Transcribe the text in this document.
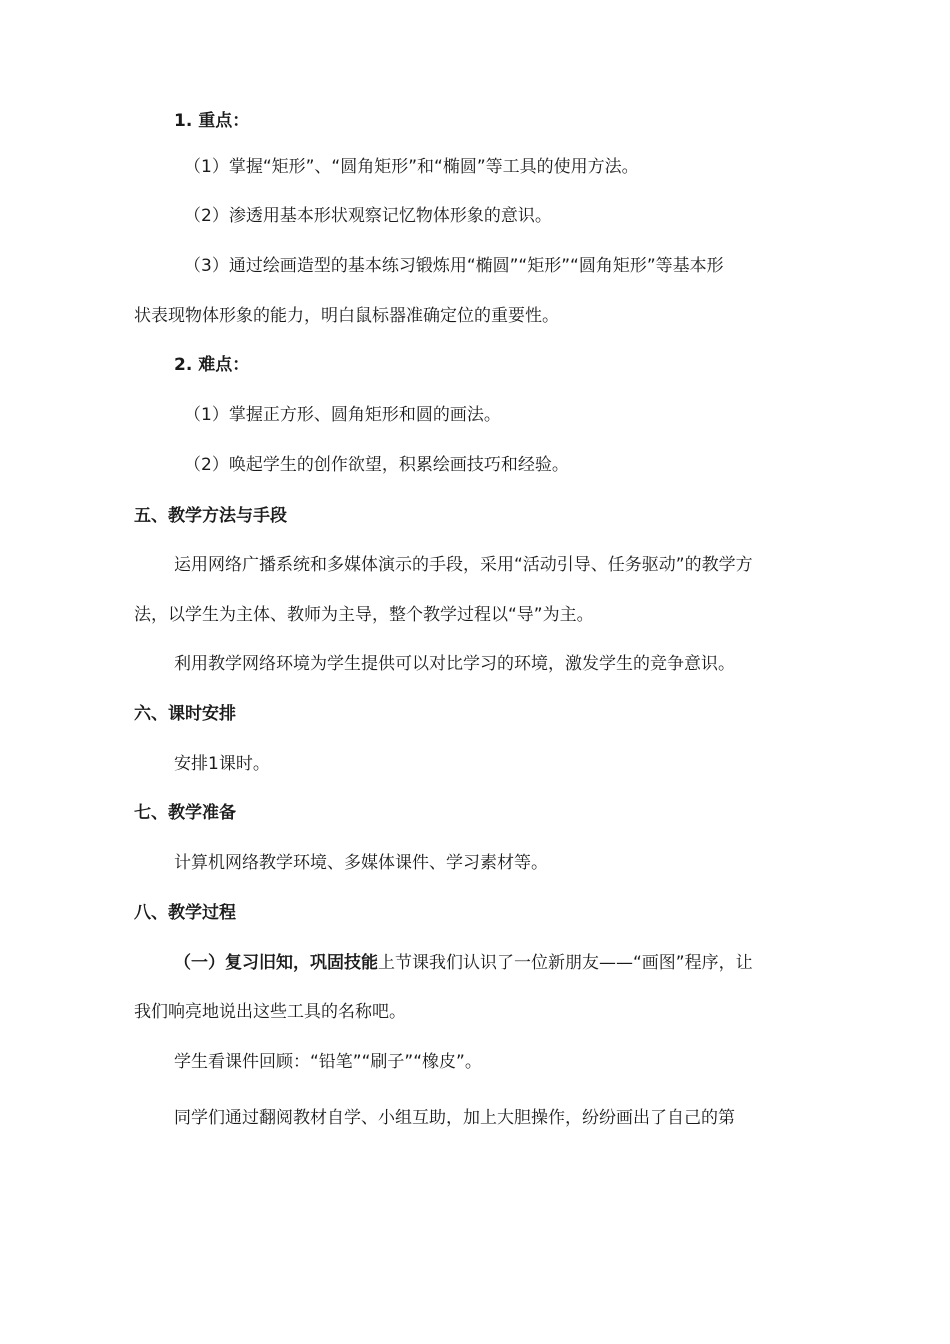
1. 重点：
（1）掌握“矩形”、“圆角矩形”和“椭圆”等工具的使用方法。
（2）渗透用基本形状观察记忆物体形象的意识。
（3）通过绘画造型的基本练习锻炼用“椭圆”“矩形”“圆角矩形”等基本形
状表现物体形象的能力，明白鼠标器准确定位的重要性。
2. 难点：
（1）掌握正方形、圆角矩形和圆的画法。
（2）唤起学生的创作欲望，积累绘画技巧和经验。
五、教学方法与手段
运用网络广播系统和多媒体演示的手段，采用“活动引导、任务驱动”的教学方
法，以学生为主体、教师为主导，整个教学过程以“导”为主。
利用教学网络环境为学生提供可以对比学习的环境，激发学生的竞争意识。
六、课时安排
安排1课时。
七、教学准备
计算机网络教学环境、多媒体课件、学习素材等。
八、教学过程
（一）复习旧知，巩固技能上节课我们认识了一位新朋友——“画图”程序，让
我们响亮地说出这些工具的名称吧。
学生看课件回顾：“铅笔”“刷子”“橡皮”。
同学们通过翻阅教材自学、小组互助，加上大胆操作，纷纷画出了自己的第
